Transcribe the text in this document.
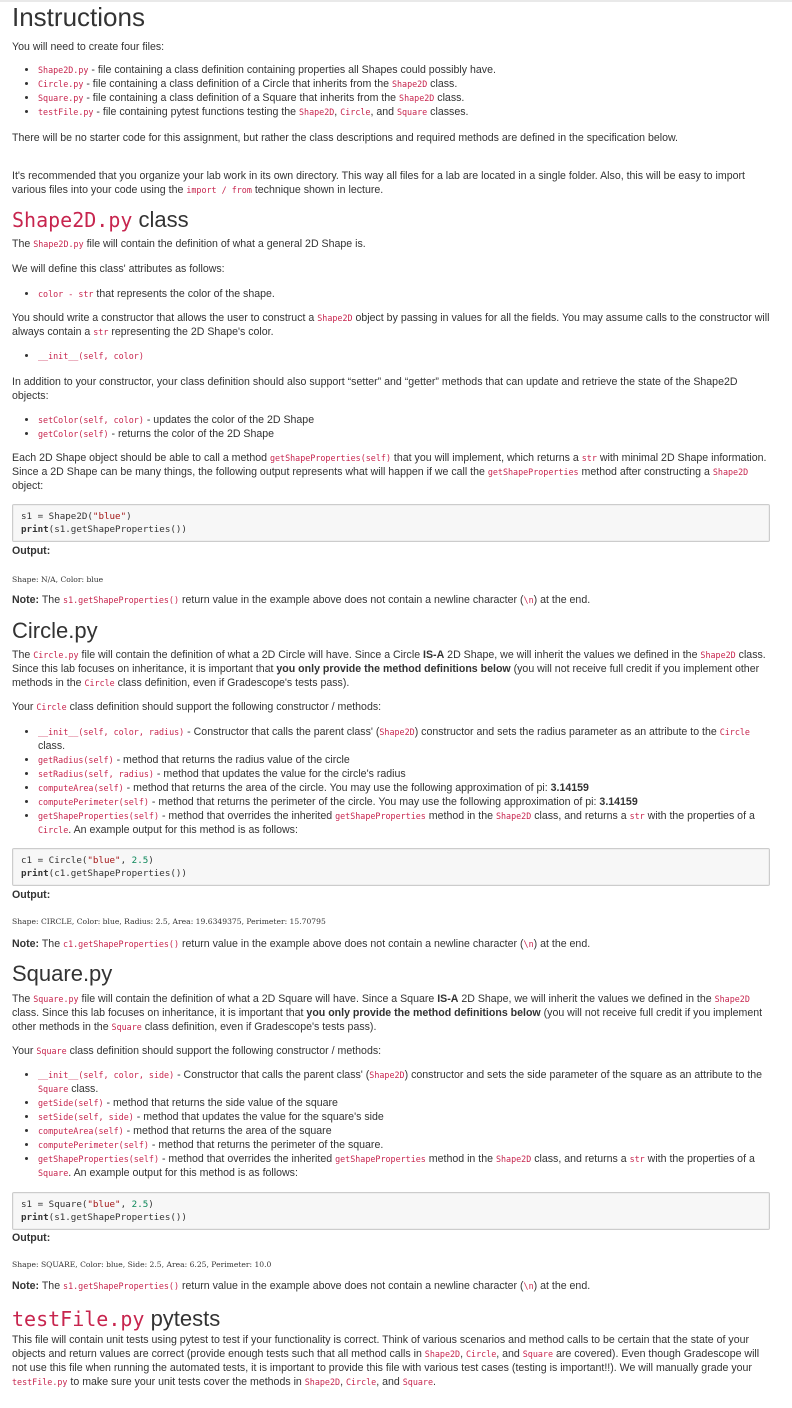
Instructions

You will need to create four files:

• Shape2D.py - file containing a class definition containing properties all Shapes could possibly have.
• Circle.py - file containing a class definition of a Circle that inherits from the Shape2D class.
• Square.py - file containing a class definition of a Square that inherits from the Shape2D class.
• testFile.py - file containing pytest functions testing the Shape2D, Circle, and Square classes.

There will be no starter code for this assignment, but rather the class descriptions and required methods are defined in the specification below.

It's recommended that you organize your lab work in its own directory. This way all files for a lab are located in a single folder. Also, this will be easy to import various files into your code using the import / from technique shown in lecture.

Shape2D.py class

The Shape2D.py file will contain the definition of what a general 2D Shape is.

We will define this class' attributes as follows:

• color - str that represents the color of the shape.

You should write a constructor that allows the user to construct a Shape2D object by passing in values for all the fields. You may assume calls to the constructor will always contain a str representing the 2D Shape's color.

• __init__(self, color)

In addition to your constructor, your class definition should also support “setter” and “getter” methods that can update and retrieve the state of the Shape2D objects:

• setColor(self, color) - updates the color of the 2D Shape
• getColor(self) - returns the color of the 2D Shape

Each 2D Shape object should be able to call a method getShapeProperties(self) that you will implement, which returns a str with minimal 2D Shape information. Since a 2D Shape can be many things, the following output represents what will happen if we call the getShapeProperties method after constructing a Shape2D object:

s1 = Shape2D("blue")
print(s1.getShapeProperties())
Output:
Shape: N/A, Color: blue

Note: The s1.getShapeProperties() return value in the example above does not contain a newline character (\n) at the end.

Circle.py

The Circle.py file will contain the definition of what a 2D Circle will have. Since a Circle IS-A 2D Shape, we will inherit the values we defined in the Shape2D class. Since this lab focuses on inheritance, it is important that you only provide the method definitions below (you will not receive full credit if you implement other methods in the Circle class definition, even if Gradescope's tests pass).

Your Circle class definition should support the following constructor / methods:

• __init__(self, color, radius) - Constructor that calls the parent class' (Shape2D) constructor and sets the radius parameter as an attribute to the Circle class.
• getRadius(self) - method that returns the radius value of the circle
• setRadius(self, radius) - method that updates the value for the circle's radius
• computeArea(self) - method that returns the area of the circle. You may use the following approximation of pi: 3.14159
• computePerimeter(self) - method that returns the perimeter of the circle. You may use the following approximation of pi: 3.14159
• getShapeProperties(self) - method that overrides the inherited getShapeProperties method in the Shape2D class, and returns a str with the properties of a Circle. An example output for this method is as follows:
c1 = Circle("blue", 2.5)
print(c1.getShapeProperties())
Output:
Shape: CIRCLE, Color: blue, Radius: 2.5, Area: 19.6349375, Perimeter: 15.70795

Note: The c1.getShapeProperties() return value in the example above does not contain a newline character (\n) at the end.

Square.py

The Square.py file will contain the definition of what a 2D Square will have. Since a Square IS-A 2D Shape, we will inherit the values we defined in the Shape2D class. Since this lab focuses on inheritance, it is important that you only provide the method definitions below (you will not receive full credit if you implement other methods in the Square class definition, even if Gradescope's tests pass).

Your Square class definition should support the following constructor / methods:

• __init__(self, color, side) - Constructor that calls the parent class' (Shape2D) constructor and sets the side parameter of the square as an attribute to the Square class.
• getSide(self) - method that returns the side value of the square
• setSide(self, side) - method that updates the value for the square's side
• computeArea(self) - method that returns the area of the square
• computePerimeter(self) - method that returns the perimeter of the square.
• getShapeProperties(self) - method that overrides the inherited getShapeProperties method in the Shape2D class, and returns a str with the properties of a Square. An example output for this method is as follows:
s1 = Square("blue", 2.5)
print(s1.getShapeProperties())
Output:
Shape: SQUARE, Color: blue, Side: 2.5, Area: 6.25, Perimeter: 10.0

Note: The s1.getShapeProperties() return value in the example above does not contain a newline character (\n) at the end.

testFile.py pytests

This file will contain unit tests using pytest to test if your functionality is correct. Think of various scenarios and method calls to be certain that the state of your objects and return values are correct (provide enough tests such that all method calls in Shape2D, Circle, and Square are covered). Even though Gradescope will not use this file when running the automated tests, it is important to provide this file with various test cases (testing is important!!). We will manually grade your testFile.py to make sure your unit tests cover the methods in Shape2D, Circle, and Square.
